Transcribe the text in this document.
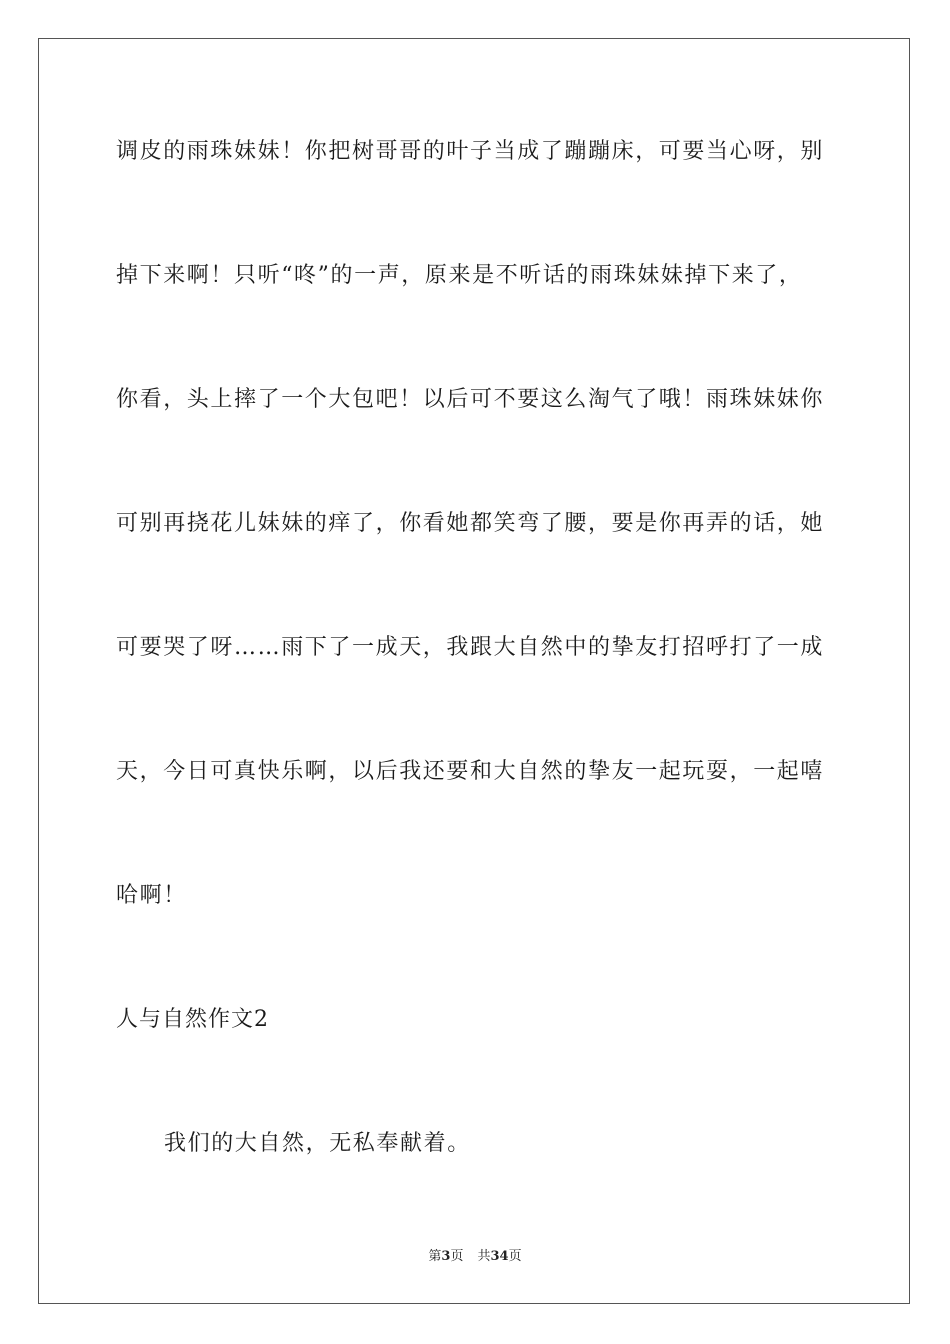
调皮的雨珠妹妹！你把树哥哥的叶子当成了蹦蹦床，可要当心呀，别
掉下来啊！只听“咚”的一声，原来是不听话的雨珠妹妹掉下来了，
你看，头上摔了一个大包吧！以后可不要这么淘气了哦！雨珠妹妹你
可别再挠花儿妹妹的痒了，你看她都笑弯了腰，要是你再弄的话，她
可要哭了呀……雨下了一成天，我跟大自然中的挚友打招呼打了一成
天，今日可真快乐啊，以后我还要和大自然的挚友一起玩耍，一起嘻
哈啊！
人与自然作文2
我们的大自然，无私奉献着。
第3页 共34页
